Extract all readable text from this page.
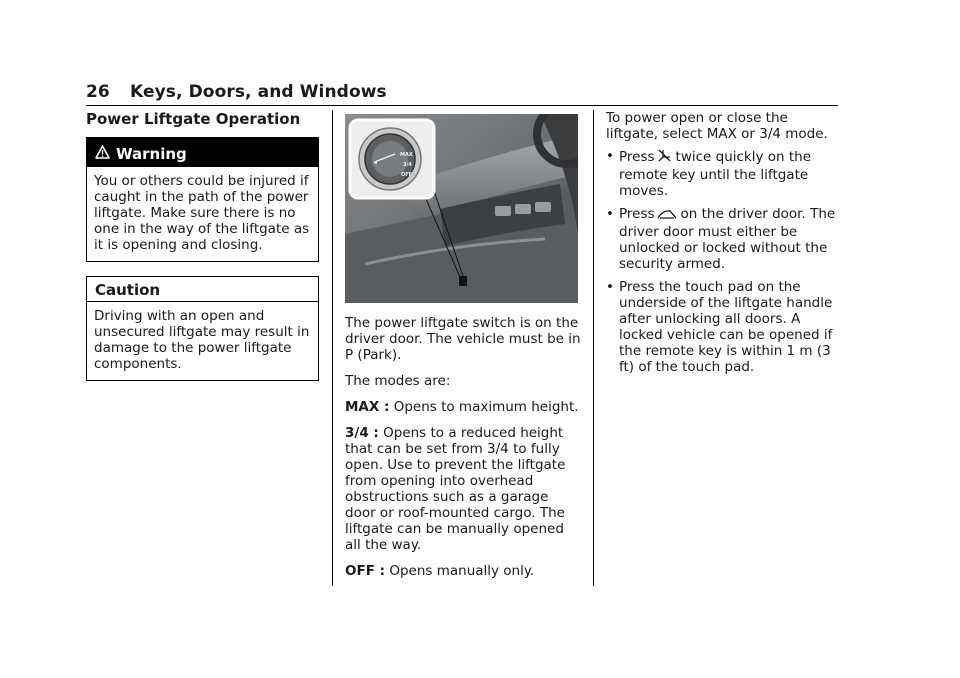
26 Keys, Doors, and Windows
Power Liftgate Operation
Warning
You or others could be injured if caught in the path of the power liftgate. Make sure there is no one in the way of the liftgate as it is opening and closing.
Caution
Driving with an open and unsecured liftgate may result in damage to the power liftgate components.
MAX
3/4
OFF

The power liftgate switch is on the driver door. The vehicle must be in P (Park).

The modes are:

MAX : Opens to maximum height.

3/4 : Opens to a reduced height that can be set from 3/4 to fully open. Use to prevent the liftgate from opening into overhead obstructions such as a garage door or roof-mounted cargo. The liftgate can be manually opened all the way.

OFF : Opens manually only.

To power open or close the liftgate, select MAX or 3/4 mode.

• Press twice quickly on the remote key until the liftgate moves.
• Press on the driver door. The driver door must either be unlocked or locked without the security armed.
• Press the touch pad on the underside of the liftgate handle after unlocking all doors. A locked vehicle can be opened if the remote key is within 1 m (3 ft) of the touch pad.
